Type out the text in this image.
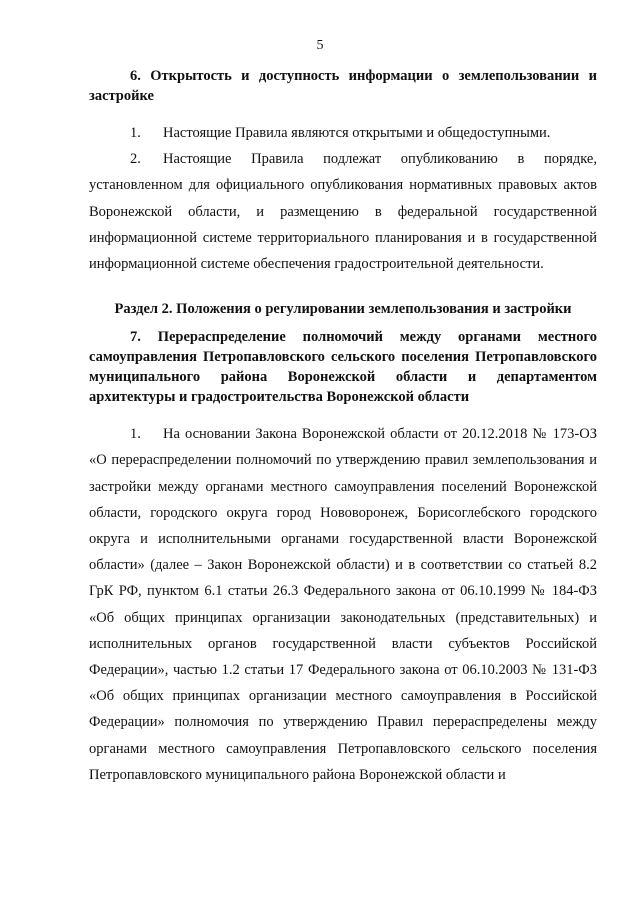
5
6. Открытость и доступность информации о землепользовании и застройке
1. Настоящие Правила являются открытыми и общедоступными.
2. Настоящие Правила подлежат опубликованию в порядке, установленном для официального опубликования нормативных правовых актов Воронежской области, и размещению в федеральной государственной информационной системе территориального планирования и в государственной информационной системе обеспечения градостроительной деятельности.
Раздел 2. Положения о регулировании землепользования и застройки
7. Перераспределение полномочий между органами местного самоуправления Петропавловского сельского поселения Петропавловского муниципального района Воронежской области и департаментом архитектуры и градостроительства Воронежской области
1. На основании Закона Воронежской области от 20.12.2018 № 173-ОЗ «О перераспределении полномочий по утверждению правил землепользования и застройки между органами местного самоуправления поселений Воронежской области, городского округа город Нововоронеж, Борисоглебского городского округа и исполнительными органами государственной власти Воронежской области» (далее – Закон Воронежской области) и в соответствии со статьей 8.2 ГрК РФ, пунктом 6.1 статьи 26.3 Федерального закона от 06.10.1999 № 184-ФЗ «Об общих принципах организации законодательных (представительных) и исполнительных органов государственной власти субъектов Российской Федерации», частью 1.2 статьи 17 Федерального закона от 06.10.2003 № 131-ФЗ «Об общих принципах организации местного самоуправления в Российской Федерации» полномочия по утверждению Правил перераспределены между органами местного самоуправления Петропавловского сельского поселения Петропавловского муниципального района Воронежской области и
